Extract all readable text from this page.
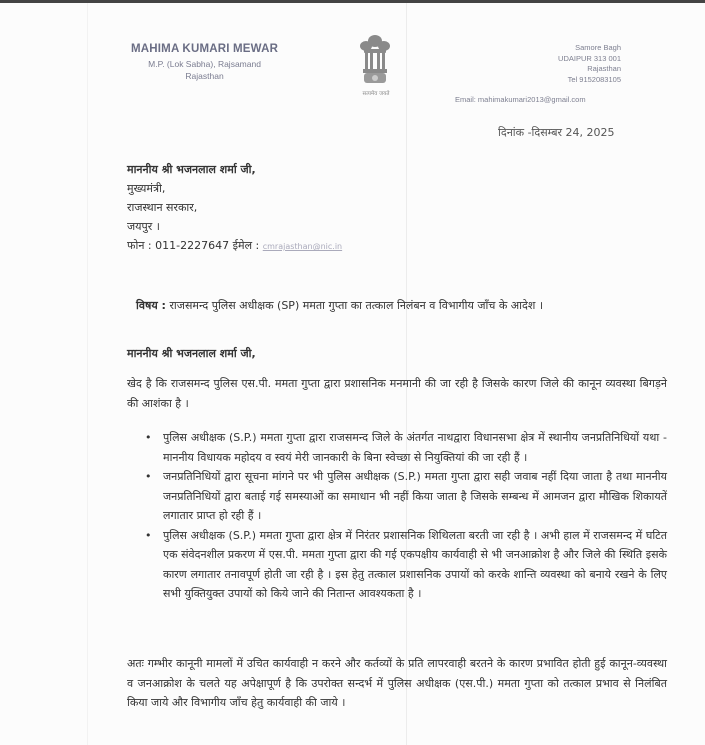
MAHIMA KUMARI MEWAR
M.P. (Lok Sabha), Rajsamand
Rajasthan
सत्यमेव जयते
Samore Bagh
UDAIPUR 313 001
Rajasthan
Tel 9152083105
Email: mahimakumari2013@gmail.com
दिनांक -दिसम्बर 24, 2025
माननीय श्री भजनलाल शर्मा जी,
मुख्यमंत्री,
राजस्थान सरकार,
जयपुर ।
फोन : 011-2227647 ईमेल : cmrajasthan@nic.in
विषय : राजसमन्द पुलिस अधीक्षक (SP) ममता गुप्ता का तत्काल निलंबन व विभागीय जाँच के आदेश ।
माननीय श्री भजनलाल शर्मा जी,
खेद है कि राजसमन्द पुलिस एस.पी. ममता गुप्ता द्वारा प्रशासनिक मनमानी की जा रही है जिसके कारण जिले की कानून व्यवस्था बिगड़ने की आशंका है ।
• पुलिस अधीक्षक (S.P.) ममता गुप्ता द्वारा राजसमन्द जिले के अंतर्गत नाथद्वारा विधानसभा क्षेत्र में स्थानीय जनप्रतिनिधियों यथा - माननीय विधायक महोदय व स्वयं मेरी जानकारी के बिना स्वेच्छा से नियुक्तियां की जा रही हैं ।
• जनप्रतिनिधियों द्वारा सूचना मांगने पर भी पुलिस अधीक्षक (S.P.) ममता गुप्ता द्वारा सही जवाब नहीं दिया जाता है तथा माननीय जनप्रतिनिधियों द्वारा बताई गई समस्याओं का समाधान भी नहीं किया जाता है जिसके सम्बन्ध में आमजन द्वारा मौखिक शिकायतें लगातार प्राप्त हो रही हैं ।
• पुलिस अधीक्षक (S.P.) ममता गुप्ता द्वारा क्षेत्र में निरंतर प्रशासनिक शिथिलता बरती जा रही है । अभी हाल में राजसमन्द में घटित एक संवेदनशील प्रकरण में एस.पी. ममता गुप्ता द्वारा की गई एकपक्षीय कार्यवाही से भी जनआक्रोश है और जिले की स्थिति इसके कारण लगातार तनावपूर्ण होती जा रही है । इस हेतु तत्काल प्रशासनिक उपायों को करके शान्ति व्यवस्था को बनाये रखने के लिए सभी युक्तियुक्त उपायों को किये जाने की नितान्त आवश्यकता है ।
अतः गम्भीर कानूनी मामलों में उचित कार्यवाही न करने और कर्तव्यों के प्रति लापरवाही बरतने के कारण प्रभावित होती हुई कानून-व्यवस्था व जनआक्रोश के चलते यह अपेक्षापूर्ण है कि उपरोक्त सन्दर्भ में पुलिस अधीक्षक (एस.पी.) ममता गुप्ता को तत्काल प्रभाव से निलंबित किया जाये और विभागीय जाँच हेतु कार्यवाही की जाये ।
